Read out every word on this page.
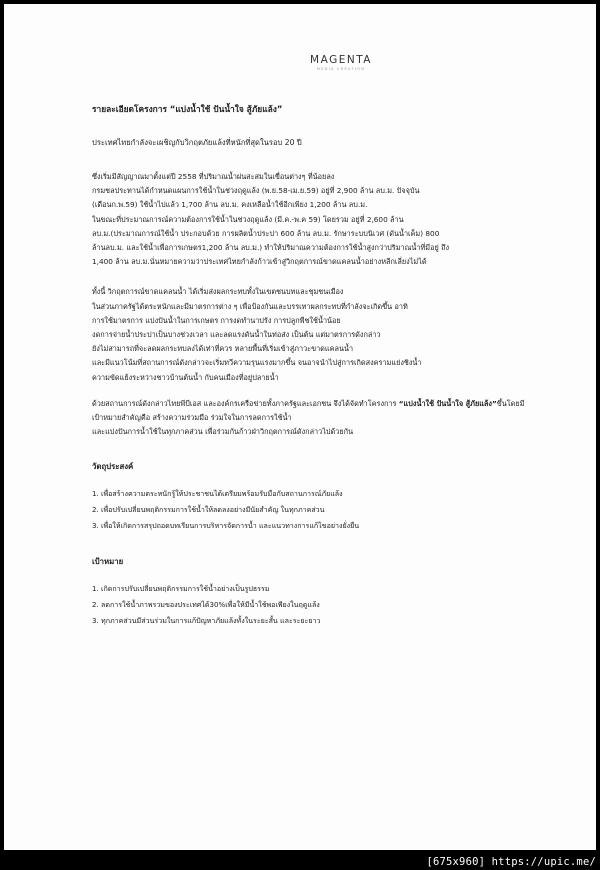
MAGENTA
MEDIA CREATION
รายละเอียดโครงการ “แบ่งน้ำใช้ ปันน้ำใจ สู้ภัยแล้ง”
ประเทศไทยกำลังจะเผชิญกับวิกฤตภัยแล้งที่หนักที่สุดในรอบ 20 ปี
ซึ่งเริ่มมีสัญญาณมาตั้งแต่ปี 2558 ที่ปริมาณน้ำฝนสะสมในเขื่อนต่างๆ ที่น้อยลง
กรมชลประทานได้กำหนดแผนการใช้น้ำในช่วงฤดูแล้ง (พ.ย.58-เม.ย.59) อยู่ที่ 2,900 ล้าน ลบ.ม. ปัจจุบัน
(เดือนก.พ.59) ใช้น้ำไปแล้ว 1,700 ล้าน ลบ.ม. คงเหลือน้ำใช้อีกเพียง 1,200 ล้าน ลบ.ม.
ในขณะที่ประมาณการณ์ความต้องการใช้น้ำในช่วงฤดูแล้ง (มี.ค.-พ.ค 59) โดยรวม อยู่ที่ 2,600 ล้าน
ลบ.ม.(ประมาณการณ์ใช้น้ำ ประกอบด้วย การผลิตน้ำประปา 600 ล้าน ลบ.ม. รักษาระบบนิเวศ (ดันน้ำเค็ม) 800
ล้านลบ.ม. และใช้น้ำเพื่อการเกษตร1,200 ล้าน ลบ.ม.) ทำให้ปริมาณความต้องการใช้น้ำสูงกว่าปริมาณน้ำที่มีอยู่ ถึง
1,400 ล้าน ลบ.ม.นั่นหมายความว่าประเทศไทยกำลังก้าวเข้าสู่วิกฤตการณ์ขาดแคลนน้ำอย่างหลีกเลี่ยงไม่ได้
ทั้งนี้ วิกฤตการณ์ขาดแคลนน้ำ ได้เริ่มส่งผลกระทบทั้งในเขตชนบทและชุมชนเมือง
ในส่วนภาครัฐได้ตระหนักและมีมาตรการต่าง ๆ เพื่อป้องกันและบรรเทาผลกระทบที่กำลังจะเกิดขึ้น อาทิ
การใช้มาตรการ แบ่งปันน้ำในการเกษตร การงดทำนาปรัง การปลูกพืชใช้น้ำน้อย
งดการจ่ายน้ำประปาเป็นบางช่วงเวลา และลดแรงดันน้ำในท่อส่ง เป็นต้น แต่มาตรการดังกล่าว
ยังไม่สามารถที่จะลดผลกระทบลงได้เท่าที่ควร หลายพื้นที่เริ่มเข้าสู่ภาวะขาดแคลนน้ำ
และมีแนวโน้มที่สถานการณ์ดังกล่าวจะเริ่มทวีความรุนแรงมากขึ้น จนอาจนำไปสู่การเกิดสงครามแย่งชิงน้ำ
ความขัดแย้งระหว่างชาวบ้านต้นน้ำ กับคนเมืองที่อยู่ปลายน้ำ
ด้วยสถานการณ์ดังกล่าวไทยพีบีเอส และองค์กรเครือข่ายทั้งภาครัฐและเอกชน จึงได้จัดทำโครงการ “แบ่งน้ำใช้ ปันน้ำใจ สู้ภัยแล้ง”ขึ้นโดยมีเป้าหมายสำคัญคือ สร้างความร่วมมือ ร่วมใจในการลดการใช้น้ำ
และแบ่งปันการน้ำใช้ในทุกภาคส่วน เพื่อร่วมกันก้าวฝ่าวิกฤตการณ์ดังกล่าวไปด้วยกัน
วัตถุประสงค์
1. เพื่อสร้างความตระหนักรู้ให้ประชาชนได้เตรียมพร้อมรับมือกับสถานการณ์ภัยแล้ง
2. เพื่อปรับเปลี่ยนพฤติกรรมการใช้น้ำให้ลดลงอย่างมีนัยสำคัญ ในทุกภาคส่วน
3. เพื่อให้เกิดการสรุปถอดบทเรียนการบริหารจัดการน้ำ และแนวทางการแก้ไขอย่างยั่งยืน
เป้าหมาย
1. เกิดการปรับเปลี่ยนพฤติกรรมการใช้น้ำอย่างเป็นรูปธรรม
2. ลดการใช้น้ำภาพรวมของประเทศได้30%เพื่อให้มีน้ำใช้พอเพียงในฤดูแล้ง
3. ทุกภาคส่วนมีส่วนร่วมในการแก้ปัญหาภัยแล้งทั้งในระยะสั้น และระยะยาว
[675x960] https://upic.me/
